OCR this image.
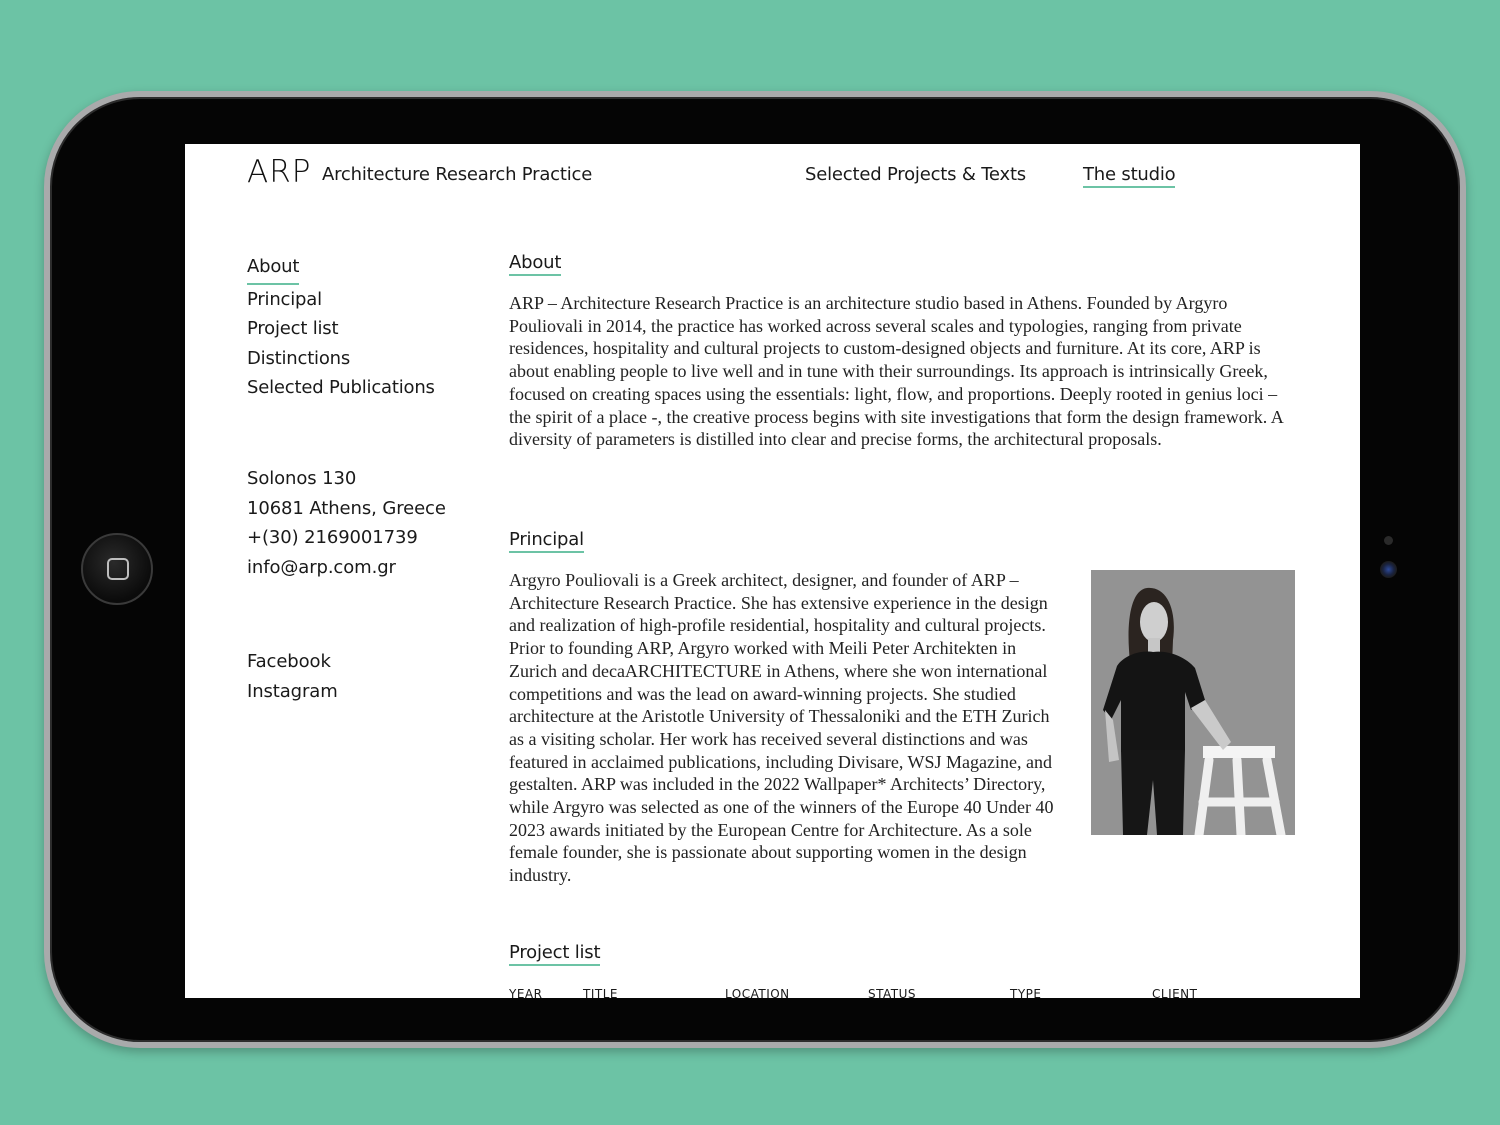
ARP Architecture Research Practice	Selected Projects & Texts	The studio
About
Principal
Project list
Distinctions
Selected Publications
Solonos 130
10681 Athens, Greece
+(30) 2169001739
info@arp.com.gr
Facebook
Instagram
About
ARP – Architecture Research Practice is an architecture studio based in Athens. Founded by Argyro Pouliovali in 2014, the practice has worked across several scales and typologies, ranging from private residences, hospitality and cultural projects to custom-designed objects and furniture. At its core, ARP is about enabling people to live well and in tune with their surroundings. Its approach is intrinsically Greek, focused on creating spaces using the essentials: light, flow, and proportions. Deeply rooted in genius loci – the spirit of a place -, the creative process begins with site investigations that form the design framework. A diversity of parameters is distilled into clear and precise forms, the architectural proposals.
Principal
Argyro Pouliovali is a Greek architect, designer, and founder of ARP – Architecture Research Practice. She has extensive experience in the design and realization of high-profile residential, hospitality and cultural projects. Prior to founding ARP, Argyro worked with Meili Peter Architekten in Zurich and decaARCHITECTURE in Athens, where she won international competitions and was the lead on award-winning projects. She studied architecture at the Aristotle University of Thessaloniki and the ETH Zurich as a visiting scholar. Her work has received several distinctions and was featured in acclaimed publications, including Divisare, WSJ Magazine, and gestalten. ARP was included in the 2022 Wallpaper* Architects’ Directory, while Argyro was selected as one of the winners of the Europe 40 Under 40 2023 awards initiated by the European Centre for Architecture. As a sole female founder, she is passionate about supporting women in the design industry.
Project list
YEAR	TITLE	LOCATION	STATUS	TYPE	CLIENT
